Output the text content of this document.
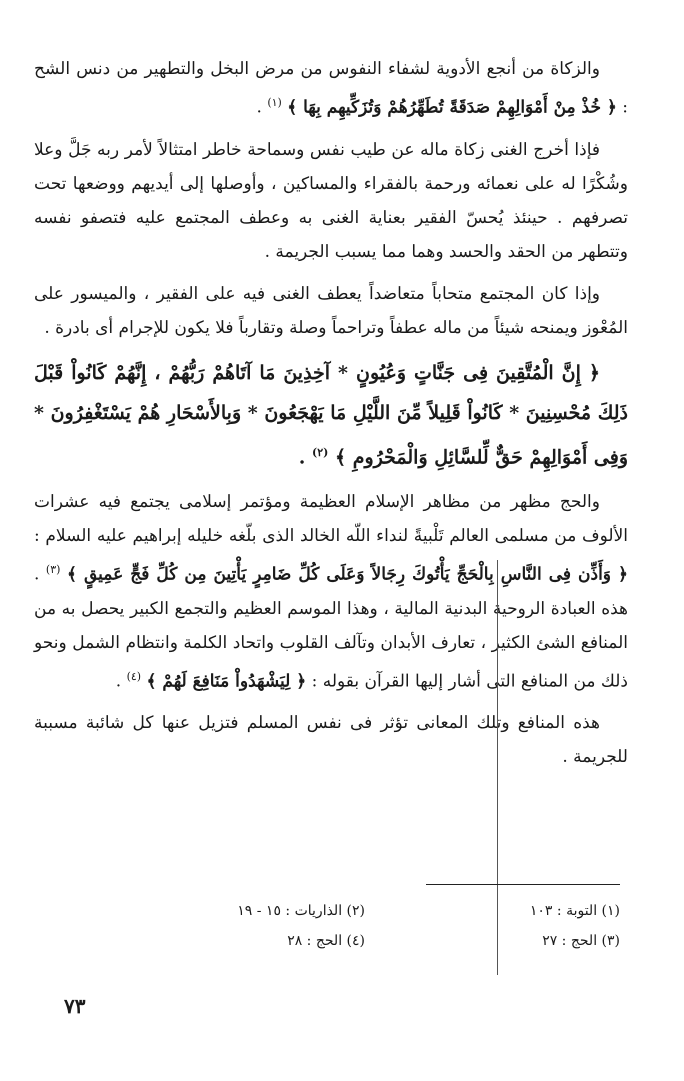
والزكاة من أنجع الأدوية لشفاء النفوس من مرض البخل والتطهير من دنس الشح : ﴿ خُذْ مِنْ أَمْوَالِهِمْ صَدَقَةً تُطَهِّرُهُمْ وَتُزَكِّيهِم بِهَا ﴾ $^{(١)}$ .

فإذا أخرج الغنى زكاة ماله عن طيب نفس وسماحة خاطر امتثالاً لأمر ربه جَلَّ وعلا وشُكْرًا له على نعمائه ورحمة بالفقراء والمساكين ، وأوصلها إلى أيديهم ووضعها تحت تصرفهم . حينئذ يُحسّ الفقير بعناية الغنى به وعطف المجتمع عليه فتصفو نفسه وتتطهر من الحقد والحسد وهما مما يسبب الجريمة .

وإذا كان المجتمع متحاباً متعاضداً يعطف الغنى فيه على الفقير ، والميسور على المُعْوز ويمنحه شيئاً من ماله عطفاً وتراحماً وصلة وتقارباً فلا يكون للإجرام أى بادرة .

﴿ إِنَّ الْمُتَّقِينَ فِى جَنَّاتٍ وَعُيُونٍ * آخِذِينَ مَا آتَاهُمْ رَبُّهُمْ ، إِنَّهُمْ كَانُواْ قَبْلَ ذَلِكَ مُحْسِنِينَ * كَانُواْ قَلِيلاً مِّنَ اللَّيْلِ مَا يَهْجَعُونَ * وَبِالأَسْحَارِ هُمْ يَسْتَغْفِرُونَ * وَفِى أَمْوَالِهِمْ حَقٌّ لِّلسَّائِلِ وَالْمَحْرُومِ ﴾ $^{(٢)}$ .

والحج مظهر من مظاهر الإسلام العظيمة ومؤتمر إسلامى يجتمع فيه عشرات الألوف من مسلمى العالم تَلْبيةً لنداء اللّه الخالد الذى بلّغه خليله إبراهيم عليه السلام : ﴿ وَأَذِّن فِى النَّاسِ بِالْحَجِّ يَأْتُوكَ رِجَالاً وَعَلَى كُلِّ ضَامِرٍ يَأْتِينَ مِن كُلِّ فَجٍّ عَمِيقٍ ﴾ $^{(٣)}$ . هذه العبادة الروحية البدنية المالية ، وهذا الموسم العظيم والتجمع الكبير يحصل به من المنافع الشئ الكثير ، تعارف الأبدان وتآلف القلوب واتحاد الكلمة وانتظام الشمل ونحو ذلك من المنافع التى أشار إليها القرآن بقوله : ﴿ لِيَشْهَدُواْ مَنَافِعَ لَهُمْ ﴾ $^{(٤)}$ .

هذه المنافع وتلك المعانى تؤثر فى نفس المسلم فتزيل عنها كل شائبة مسببة للجريمة .

(١) التوبة : ١٠٣
(٢) الذاريات : ١٥ - ١٩
(٣) الحج : ٢٧
(٤) الحج : ٢٨
٧٣
